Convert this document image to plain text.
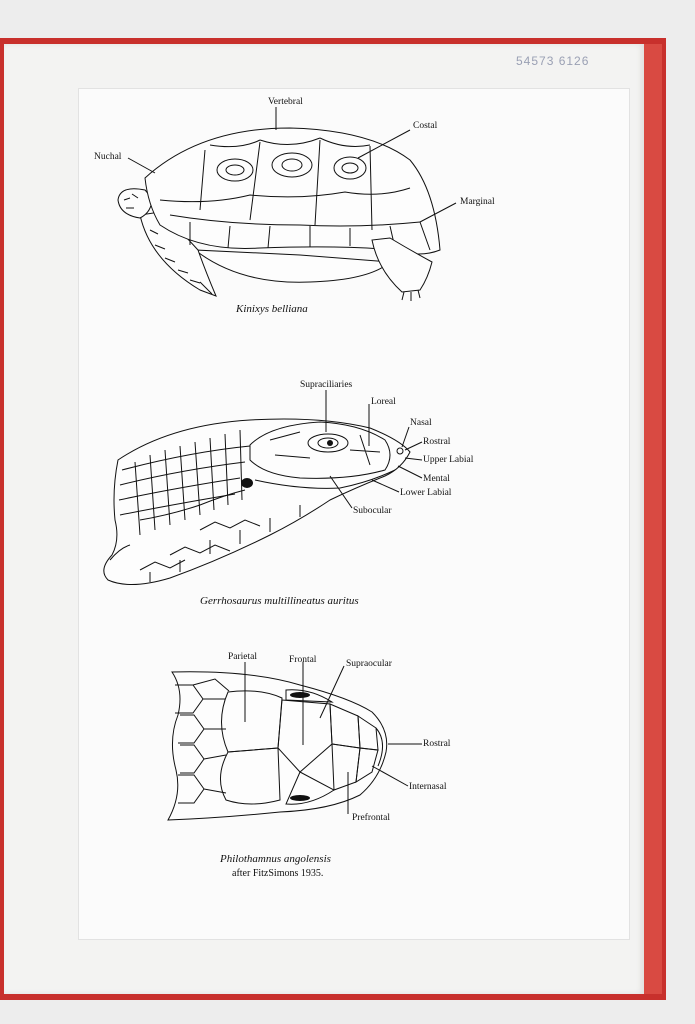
54573 6126
Vertebral
Nuchal
Costal
Marginal
Kinixys belliana
Supraciliaries
Loreal
Nasal
Rostral
Upper Labial
Mental
Lower Labial
Subocular
Gerrhosaurus multillineatus auritus
Parietal	Frontal	Supraocular
Rostral
Internasal
Prefrontal
Philothamnus angolensis
after FitzSimons 1935.
